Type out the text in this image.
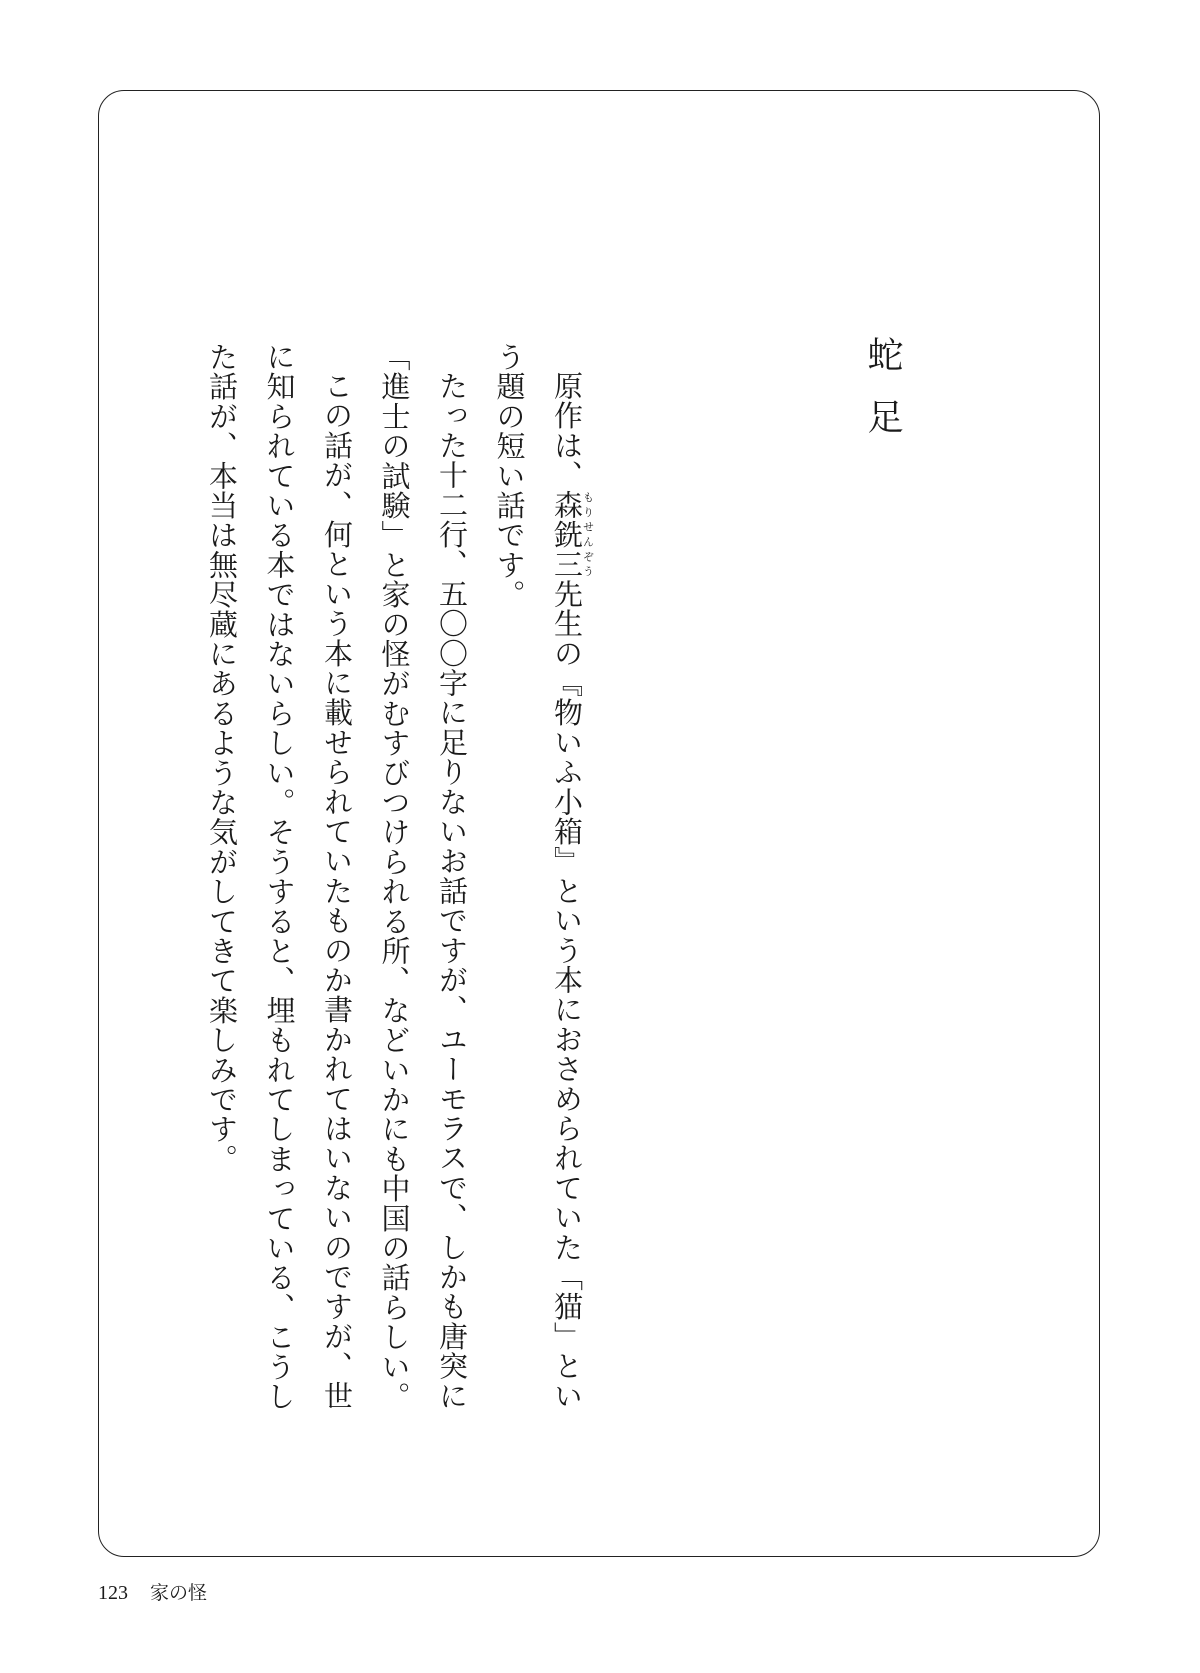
蛇足

原作は、森銑三もりせんぞう先生の『物いふ小箱』という本におさめられていた「猫」という題の短い話です。

たった十二行、五〇〇字に足りないお話ですが、ユーモラスで、しかも唐突に「進士の試験」と家の怪がむすびつけられる所、などいかにも中国の話らしい。

この話が、何という本に載せられていたものか書かれてはいないのですが、世に知られている本ではないらしい。そうすると、埋もれてしまっている、こうした話が、本当は無尽蔵にあるような気がしてきて楽しみです。

123 家の怪
